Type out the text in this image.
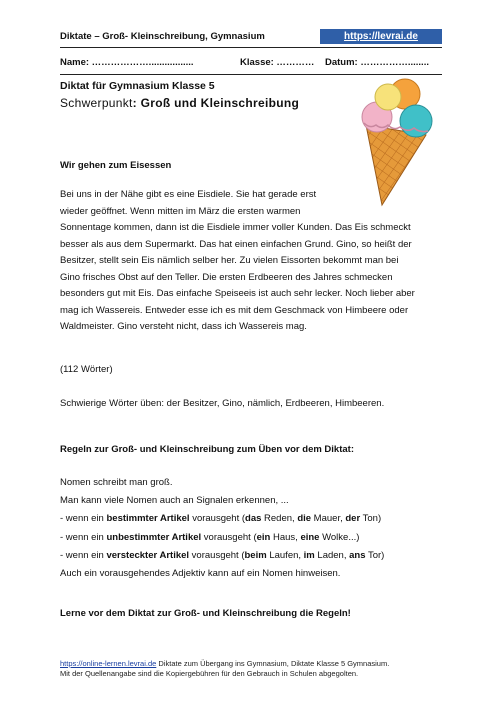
Diktate – Groß- Kleinschreibung, Gymnasium	https://levrai.de
Name: ……………….................	Klasse: ………… Datum: ……………........
Diktat für Gymnasium Klasse 5
Schwerpunkt: Groß und Kleinschreibung
Wir gehen zum Eisessen
Bei uns in der Nähe gibt es eine Eisdiele. Sie hat gerade erst
wieder geöffnet. Wenn mitten im März die ersten warmen
Sonnentage kommen, dann ist die Eisdiele immer voller Kunden. Das Eis schmeckt
besser als aus dem Supermarkt. Das hat einen einfachen Grund. Gino, so heißt der
Besitzer, stellt sein Eis nämlich selber her. Zu vielen Eissorten bekommt man bei
Gino frisches Obst auf den Teller. Die ersten Erdbeeren des Jahres schmecken
besonders gut mit Eis. Das einfache Speiseeis ist auch sehr lecker. Noch lieber aber
mag ich Wassereis. Entweder esse ich es mit dem Geschmack von Himbeere oder
Waldmeister. Gino versteht nicht, dass ich Wassereis mag.
(112 Wörter)
Schwierige Wörter üben: der Besitzer, Gino, nämlich, Erdbeeren, Himbeeren.
Regeln zur Groß- und Kleinschreibung zum Üben vor dem Diktat:
Nomen schreibt man groß.
Man kann viele Nomen auch an Signalen erkennen, ...
- wenn ein bestimmter Artikel vorausgeht (das Reden, die Mauer, der Ton)
- wenn ein unbestimmter Artikel vorausgeht (ein Haus, eine Wolke...)
- wenn ein versteckter Artikel vorausgeht (beim Laufen, im Laden, ans Tor)
Auch ein vorausgehendes Adjektiv kann auf ein Nomen hinweisen.
Lerne vor dem Diktat zur Groß- und Kleinschreibung die Regeln!
https://online-lernen.levrai.de Diktate zum Übergang ins Gymnasium, Diktate Klasse 5 Gymnasium.
Mit der Quellenangabe sind die Kopiergebühren für den Gebrauch in Schulen abgegolten.
